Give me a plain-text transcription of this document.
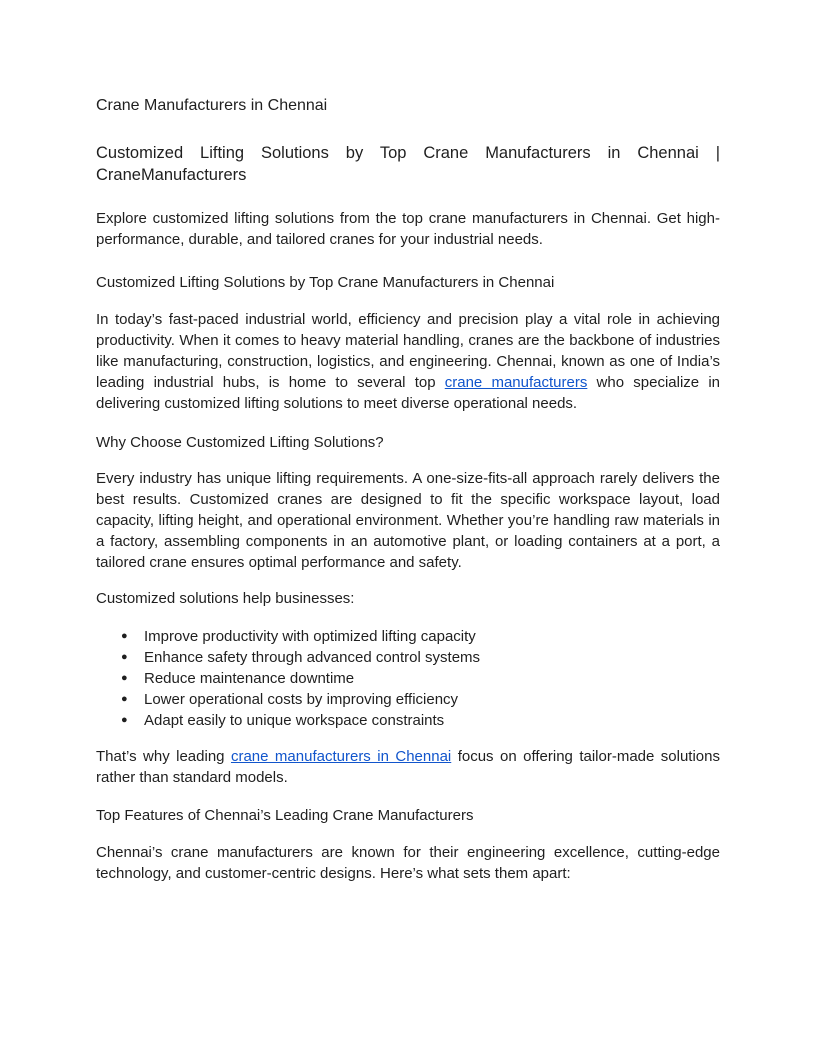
Crane Manufacturers in Chennai

Customized Lifting Solutions by Top Crane Manufacturers in Chennai | CraneManufacturers

Explore customized lifting solutions from the top crane manufacturers in Chennai. Get high-performance, durable, and tailored cranes for your industrial needs.

Customized Lifting Solutions by Top Crane Manufacturers in Chennai

In today’s fast-paced industrial world, efficiency and precision play a vital role in achieving productivity. When it comes to heavy material handling, cranes are the backbone of industries like manufacturing, construction, logistics, and engineering. Chennai, known as one of India’s leading industrial hubs, is home to several top crane manufacturers who specialize in delivering customized lifting solutions to meet diverse operational needs.

Why Choose Customized Lifting Solutions?

Every industry has unique lifting requirements. A one-size-fits-all approach rarely delivers the best results. Customized cranes are designed to fit the specific workspace layout, load capacity, lifting height, and operational environment. Whether you’re handling raw materials in a factory, assembling components in an automotive plant, or loading containers at a port, a tailored crane ensures optimal performance and safety.

Customized solutions help businesses:

● Improve productivity with optimized lifting capacity
● Enhance safety through advanced control systems
● Reduce maintenance downtime
● Lower operational costs by improving efficiency
● Adapt easily to unique workspace constraints

That’s why leading crane manufacturers in Chennai focus on offering tailor-made solutions rather than standard models.

Top Features of Chennai’s Leading Crane Manufacturers

Chennai’s crane manufacturers are known for their engineering excellence, cutting-edge technology, and customer-centric designs. Here’s what sets them apart:
